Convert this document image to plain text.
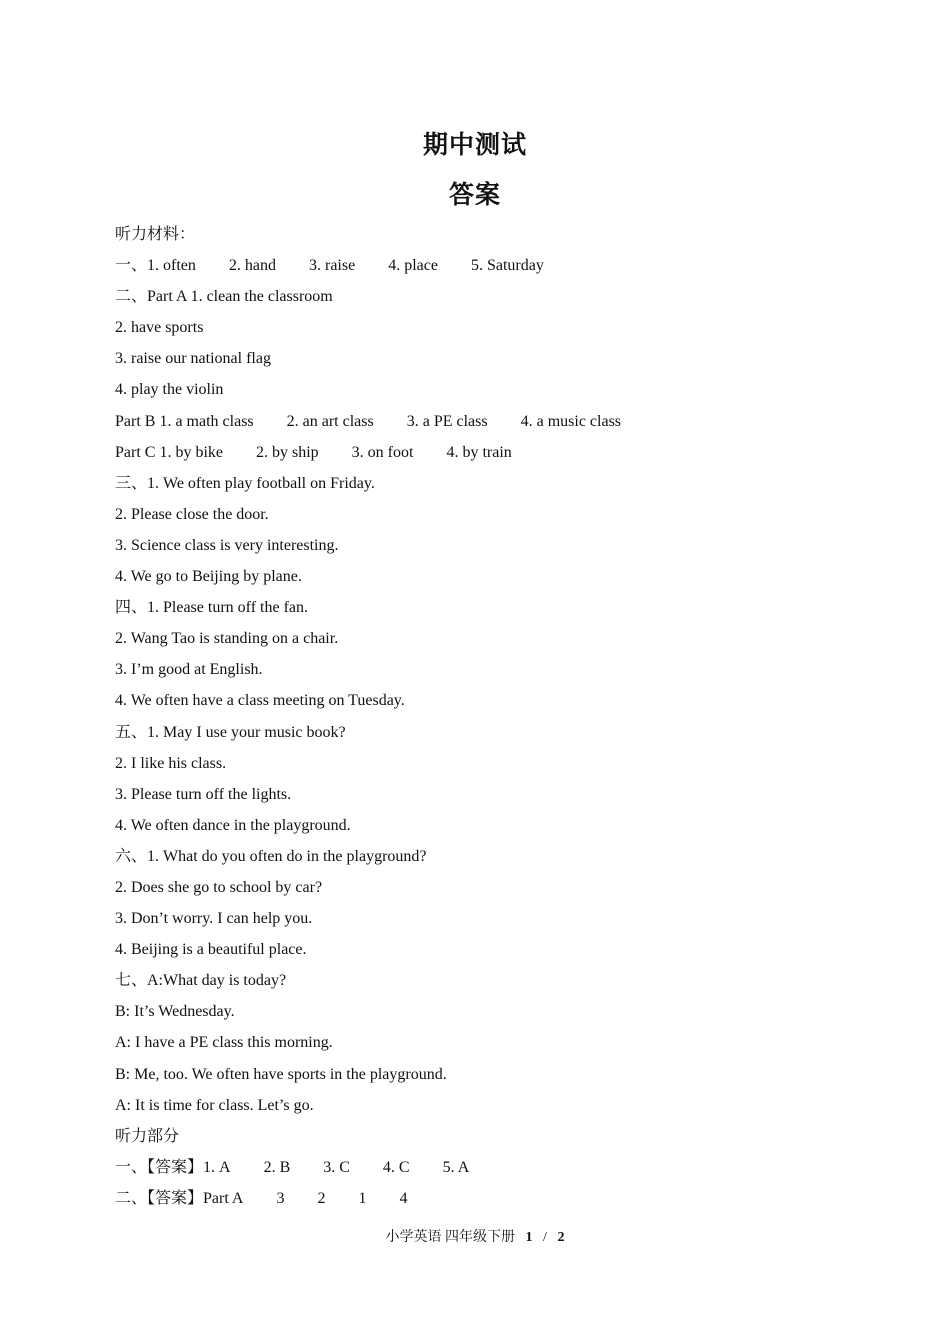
期中测试
答案
听力材料：
一、1. often 2. hand 3. raise 4. place 5. Saturday
二、Part A 1. clean the classroom
2. have sports
3. raise our national flag
4. play the violin
Part B 1. a math class 2. an art class 3. a PE class 4. a music class
Part C 1. by bike 2. by ship 3. on foot 4. by train
三、1. We often play football on Friday.
2. Please close the door.
3. Science class is very interesting.
4. We go to Beijing by plane.
四、1. Please turn off the fan.
2. Wang Tao is standing on a chair.
3. I’m good at English.
4. We often have a class meeting on Tuesday.
五、1. May I use your music book?
2. I like his class.
3. Please turn off the lights.
4. We often dance in the playground.
六、1. What do you often do in the playground?
2. Does she go to school by car?
3. Don’t worry. I can help you.
4. Beijing is a beautiful place.
七、A:What day is today?
B: It’s Wednesday.
A: I have a PE class this morning.
B: Me, too. We often have sports in the playground.
A: It is time for class. Let’s go.
听力部分
一、【答案】1. A 2. B 3. C 4. C 5. A
二、【答案】Part A 3 2 1 4
小学英语 四年级下册 1 / 2
